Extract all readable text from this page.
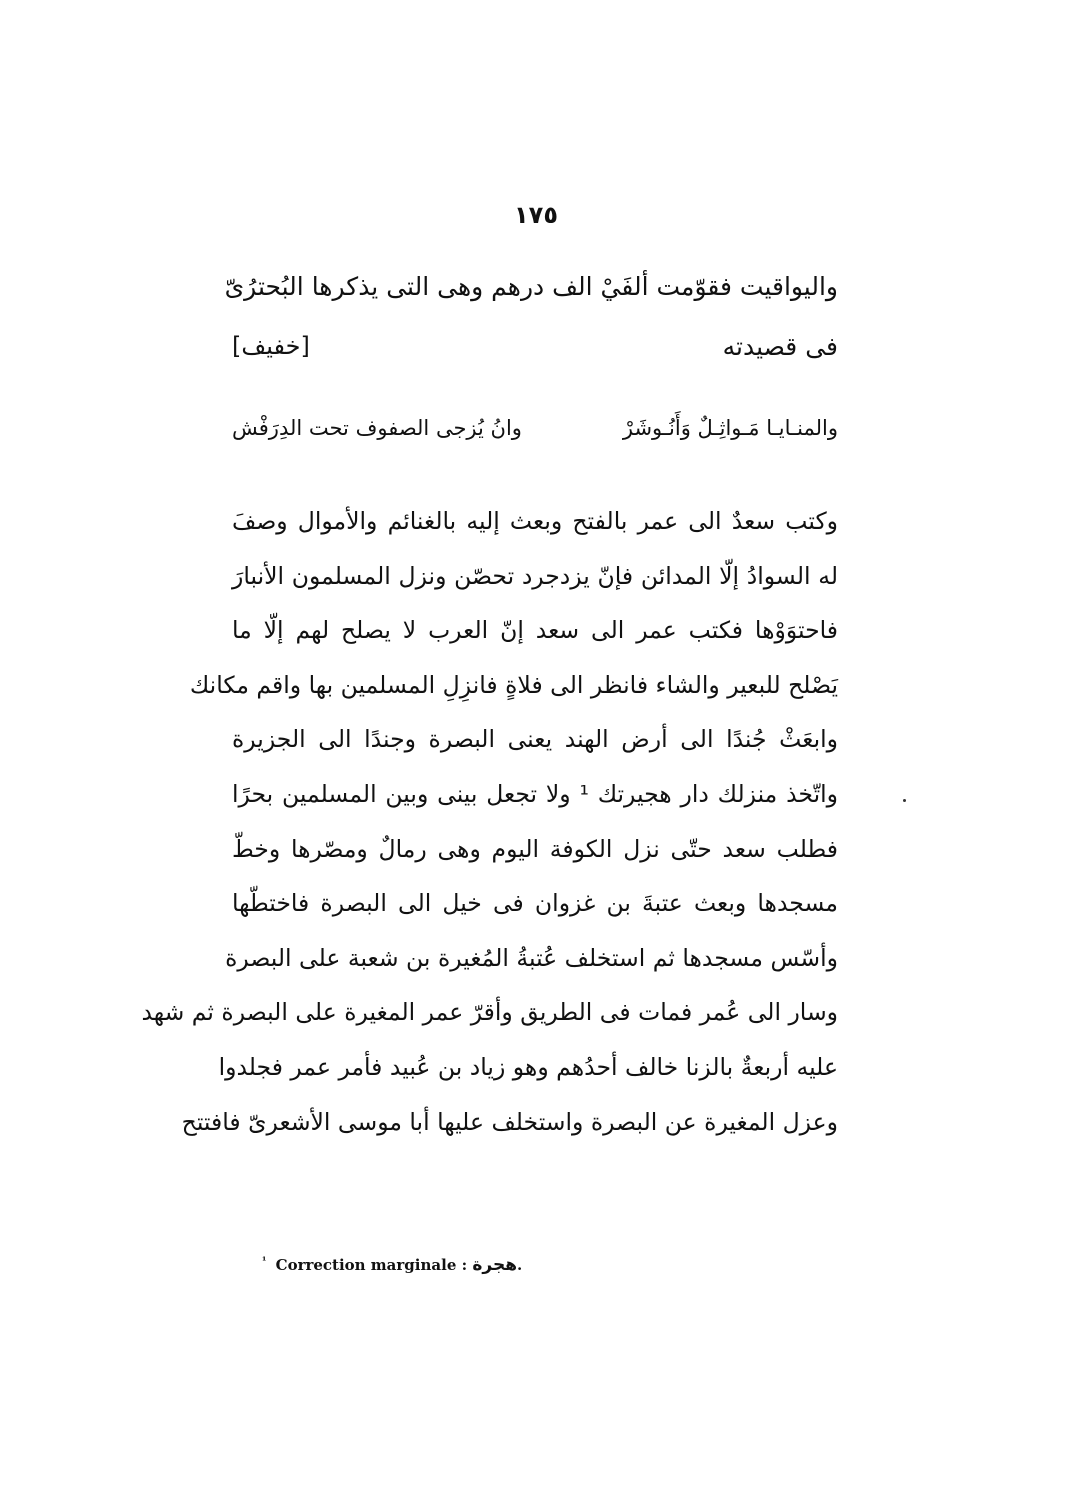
١٧٥
واليواقيت فقوّمت ألفَيْ الف درهم وهى التى يذكرها البُحترُىّ
فى قصيدته
[خفيف]
والمنـايـا مَـواثِـلٌ وَأَنُـوشَرْ
وانُ يُزجى الصفوف تحت الدِرَفْش
وكتب سعدٌ الى عمر بالفتح وبعث إليه بالغنائم والأموال وصفَ
له السوادُ إلّا المدائن فإنّ يزدجرد تحصّن ونزل المسلمون الأنبارَ
فاحتوَوْها فكتب عمر الى سعد إنّ العرب لا يصلح لهم إلّا ما
يَصْلح للبعير والشاء فانظر الى فلاةٍ فانزِلِ المسلمين بها واقم مكانك
وابعَثْ جُندًا الى أرض الهند يعنى البصرة وجندًا الى الجزيرة
واتّخذ منزلك دار هجيرتك ¹ ولا تجعل بينى وبين المسلمين بحرًا
فطلب سعد حتّى نزل الكوفة اليوم وهى رمالٌ ومصّرها وخطّ
مسجدها وبعث عتبةَ بن غزوان فى خيل الى البصرة فاختطّها
وأسّس مسجدها ثم استخلف عُتبةُ المُغيرة بن شعبة على البصرة
وسار الى عُمر فمات فى الطريق وأقرّ عمر المغيرة على البصرة ثم شهد
عليه أربعةٌ بالزنا خالف أحدُهم وهو زياد بن عُبيد فأمر عمر فجلدوا
وعزل المغيرة عن البصرة واستخلف عليها أبا موسى الأشعرىّ فافتتح
$^{^1}$ Correction marginale : هجرة.
